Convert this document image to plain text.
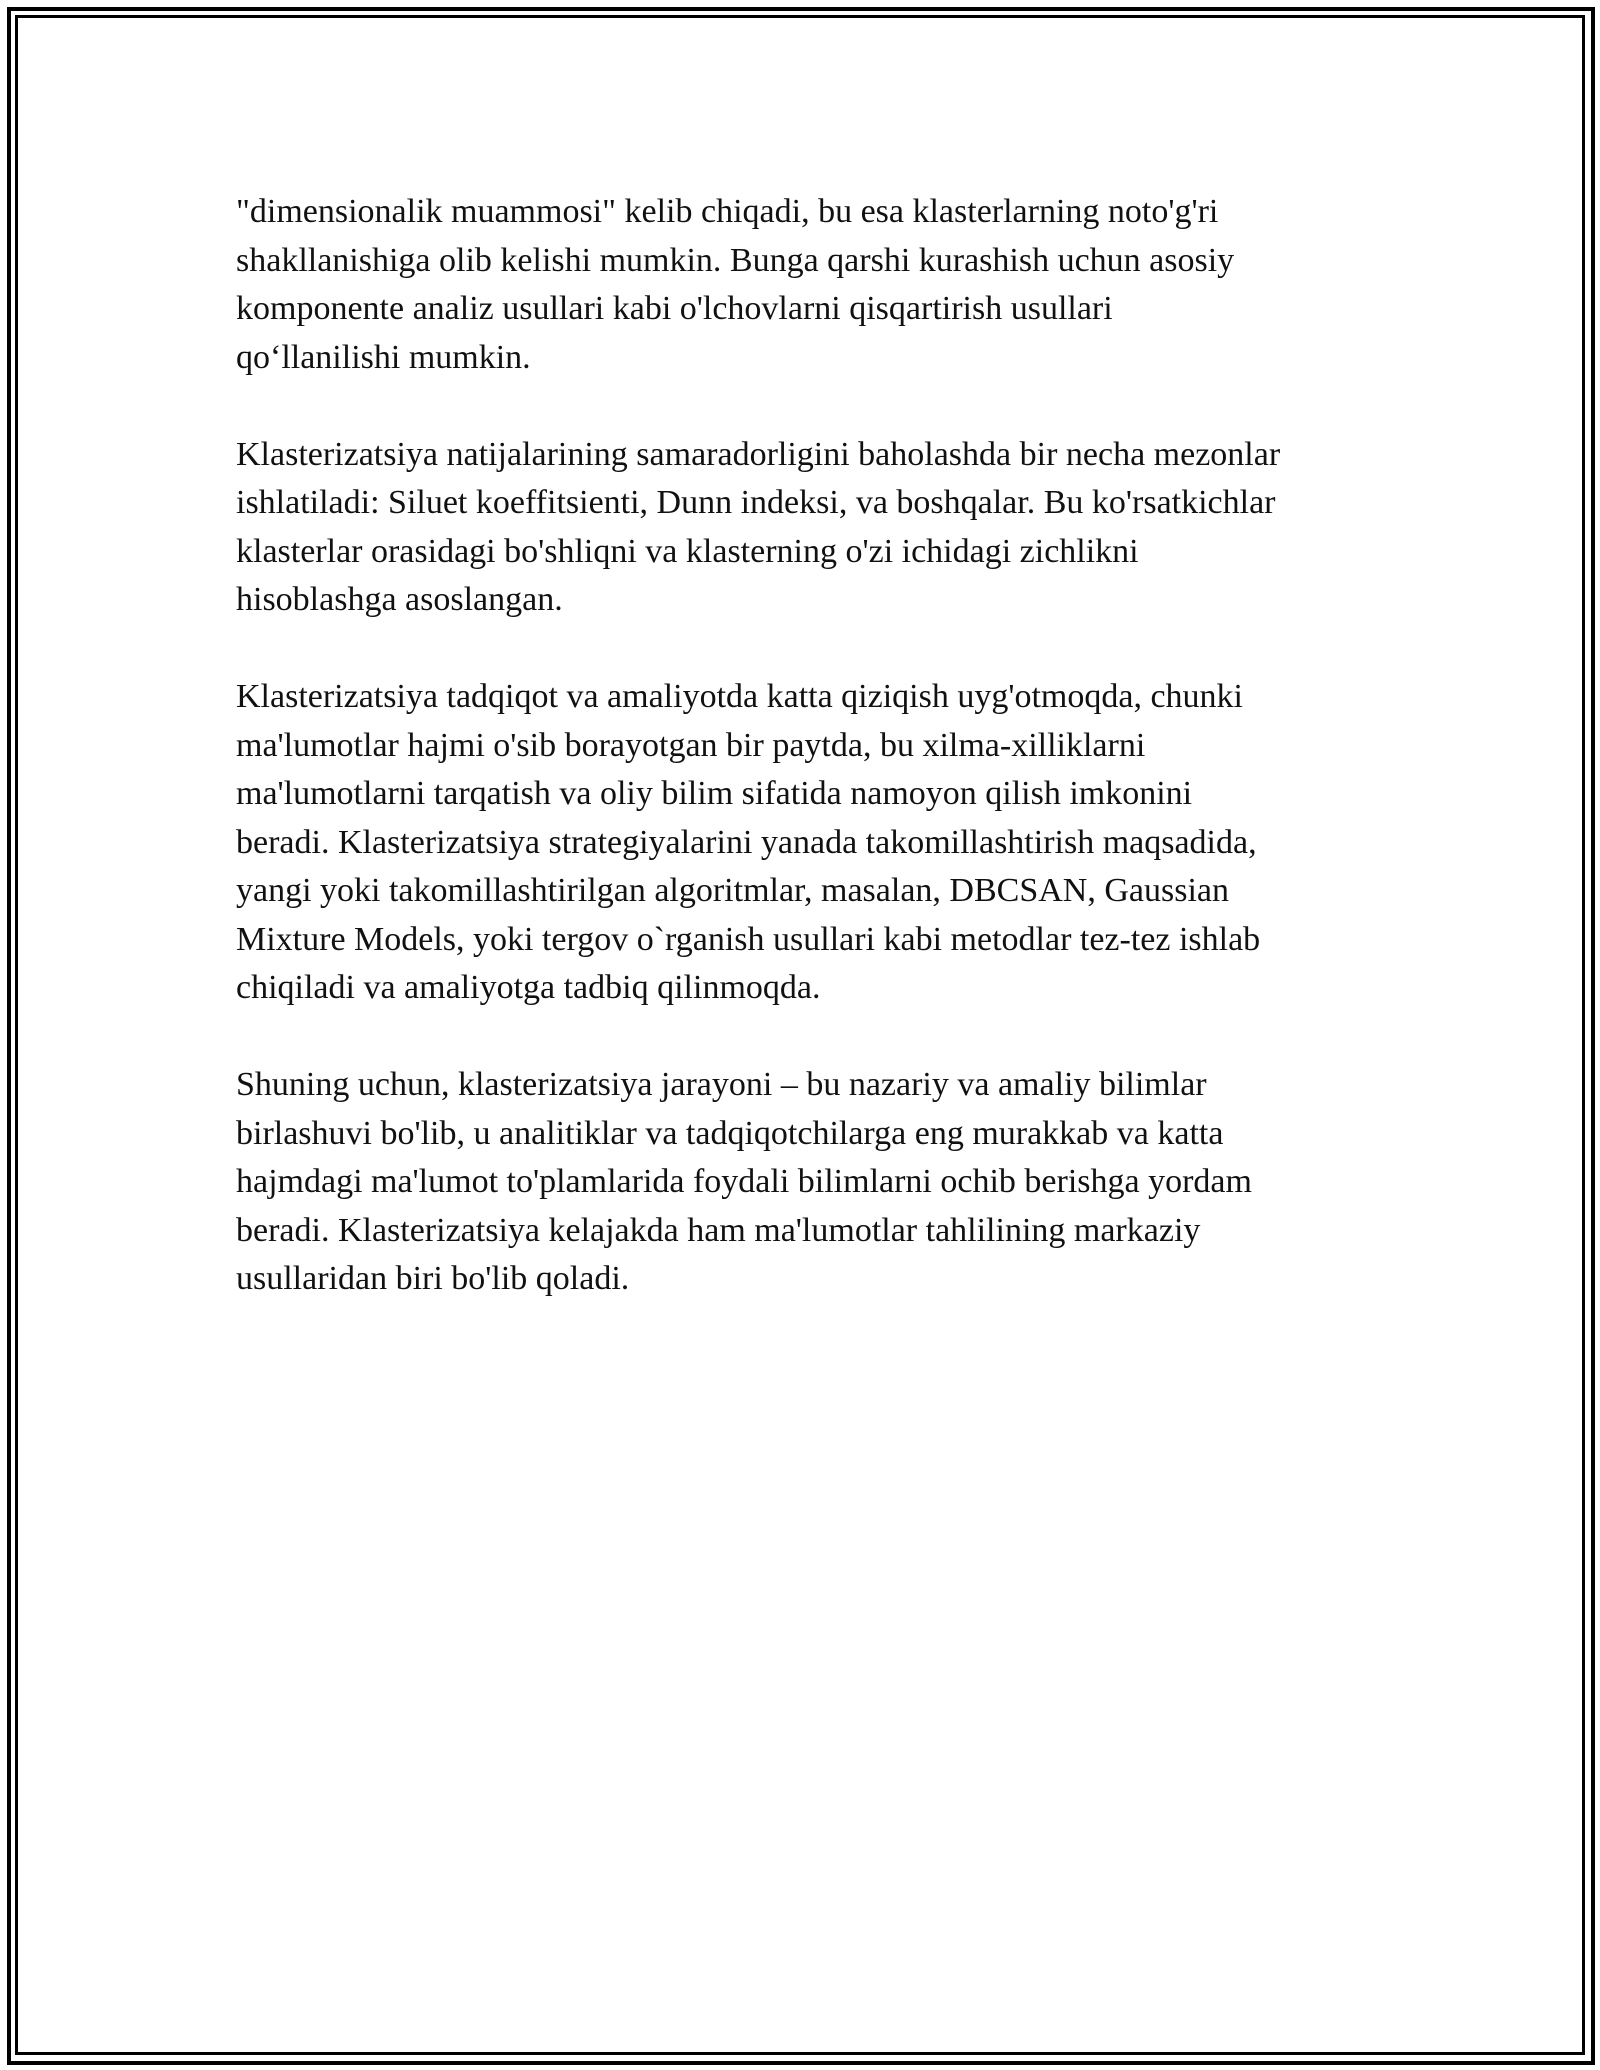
"dimensionalik muammosi" kelib chiqadi, bu esa klasterlarning noto'g'ri
shakllanishiga olib kelishi mumkin. Bunga qarshi kurashish uchun asosiy
komponente analiz usullari kabi o'lchovlarni qisqartirish usullari
qo‘llanilishi mumkin.

Klasterizatsiya natijalarining samaradorligini baholashda bir necha mezonlar
ishlatiladi: Siluet koeffitsienti, Dunn indeksi, va boshqalar. Bu ko'rsatkichlar
klasterlar orasidagi bo'shliqni va klasterning o'zi ichidagi zichlikni
hisoblashga asoslangan.

Klasterizatsiya tadqiqot va amaliyotda katta qiziqish uyg'otmoqda, chunki
ma'lumotlar hajmi o'sib borayotgan bir paytda, bu xilma-xilliklarni
ma'lumotlarni tarqatish va oliy bilim sifatida namoyon qilish imkonini
beradi. Klasterizatsiya strategiyalarini yanada takomillashtirish maqsadida,
yangi yoki takomillashtirilgan algoritmlar, masalan, DBCSAN, Gaussian
Mixture Models, yoki tergov o`rganish usullari kabi metodlar tez-tez ishlab
chiqiladi va amaliyotga tadbiq qilinmoqda.

Shuning uchun, klasterizatsiya jarayoni – bu nazariy va amaliy bilimlar
birlashuvi bo'lib, u analitiklar va tadqiqotchilarga eng murakkab va katta
hajmdagi ma'lumot to'plamlarida foydali bilimlarni ochib berishga yordam
beradi. Klasterizatsiya kelajakda ham ma'lumotlar tahlilining markaziy
usullaridan biri bo'lib qoladi.
